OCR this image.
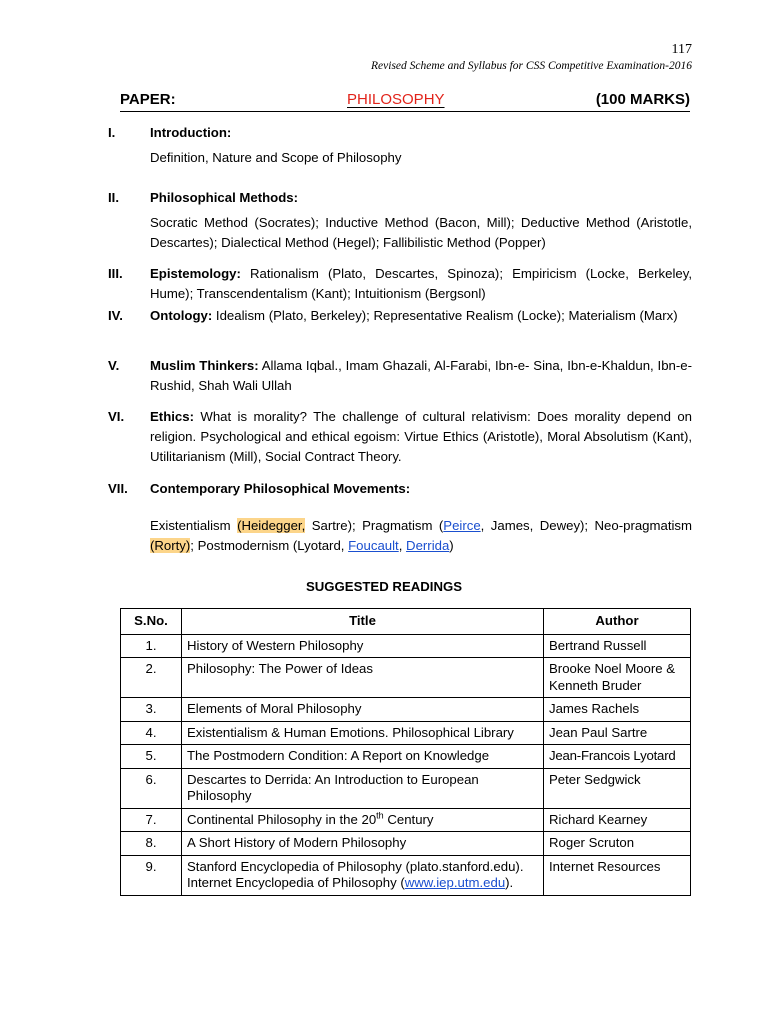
117
Revised Scheme and Syllabus for CSS Competitive Examination-2016
PAPER:	PHILOSOPHY	(100 MARKS)
I.	Introduction:

Definition, Nature and Scope of Philosophy

II.	Philosophical Methods:

Socratic Method (Socrates); Inductive Method (Bacon, Mill); Deductive Method (Aristotle, Descartes); Dialectical Method (Hegel); Fallibilistic Method (Popper)

III.	Epistemology: Rationalism (Plato, Descartes, Spinoza); Empiricism (Locke, Berkeley, Hume); Transcendentalism (Kant); Intuitionism (Bergsonl)

IV.	Ontology: Idealism (Plato, Berkeley); Representative Realism (Locke); Materialism (Marx)

V.	Muslim Thinkers: Allama Iqbal., Imam Ghazali, Al-Farabi, Ibn-e- Sina, Ibn-e-Khaldun, Ibn-e-Rushid, Shah Wali Ullah

VI.	Ethics: What is morality? The challenge of cultural relativism: Does morality depend on religion. Psychological and ethical egoism: Virtue Ethics (Aristotle), Moral Absolutism (Kant), Utilitarianism (Mill), Social Contract Theory.

VII.	Contemporary Philosophical Movements:

Existentialism (Heidegger, Sartre); Pragmatism (Peirce, James, Dewey); Neo-pragmatism (Rorty); Postmodernism (Lyotard, Foucault, Derrida)

SUGGESTED READINGS
S.No.	Title	Author
1.	History of Western Philosophy	Bertrand Russell
2.	Philosophy: The Power of Ideas	Brooke Noel Moore & Kenneth Bruder
3.	Elements of Moral Philosophy	James Rachels
4.	Existentialism & Human Emotions. Philosophical Library	Jean Paul Sartre
5.	The Postmodern Condition: A Report on Knowledge	Jean-Francois Lyotard
6.	Descartes to Derrida: An Introduction to European Philosophy	Peter Sedgwick
7.	Continental Philosophy in the 20th Century	Richard Kearney
8.	A Short History of Modern Philosophy	Roger Scruton
9.	Stanford Encyclopedia of Philosophy (plato.stanford.edu). Internet Encyclopedia of Philosophy (www.iep.utm.edu).	Internet Resources
